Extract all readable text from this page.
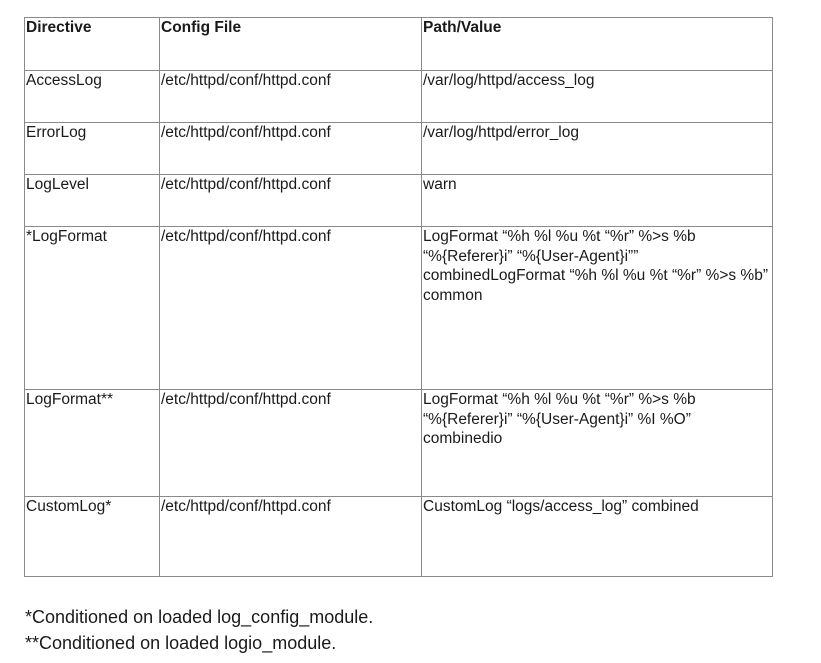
Directive	Config File	Path/Value
AccessLog	/etc/httpd/conf/httpd.conf	/var/log/httpd/access_log
ErrorLog	/etc/httpd/conf/httpd.conf	/var/log/httpd/error_log
LogLevel	/etc/httpd/conf/httpd.conf	warn
*LogFormat	/etc/httpd/conf/httpd.conf	LogFormat “%h %l %u %t “%r” %>s %b
“%{Referer}i” “%{User-Agent}i””
combinedLogFormat “%h %l %u %t “%r” %>s %b”
common
LogFormat**	/etc/httpd/conf/httpd.conf	LogFormat “%h %l %u %t “%r” %>s %b
“%{Referer}i” “%{User-Agent}i” %I %O”
combinedio
CustomLog*	/etc/httpd/conf/httpd.conf	CustomLog “logs/access_log” combined
*Conditioned on loaded log_config_module.
**Conditioned on loaded logio_module.
